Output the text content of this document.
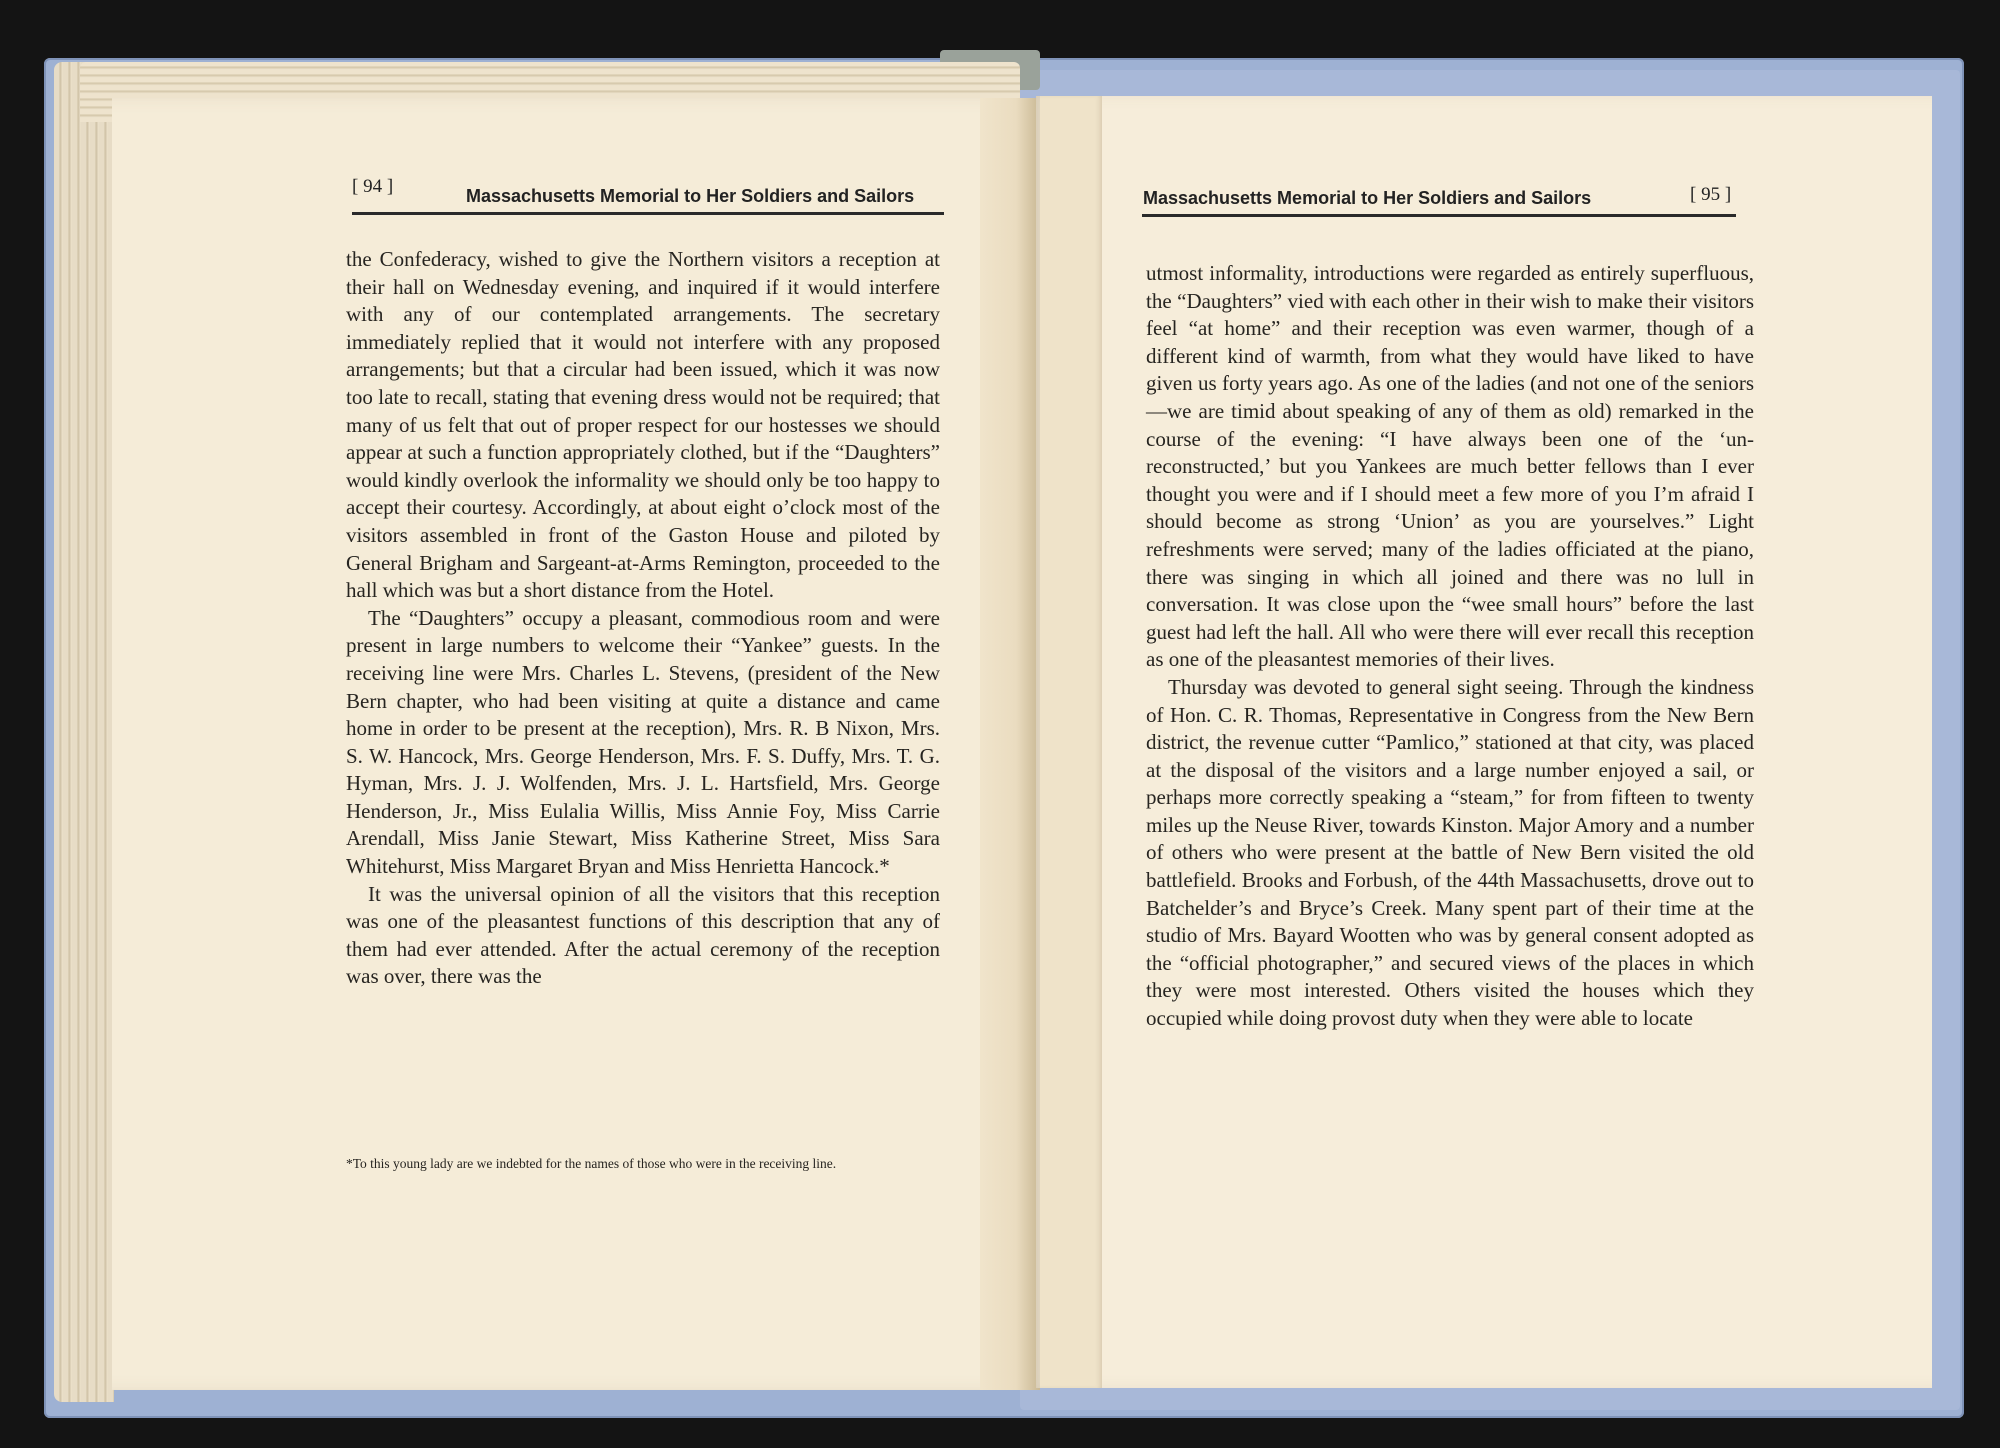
[ 94 ]	Massachusetts Memorial to Her Soldiers and Sailors

the Confederacy, wished to give the Northern visitors a reception at their hall on Wednesday evening, and inquired if it would interfere with any of our contemplated arrangements. The secretary immediately replied that it would not interfere with any proposed arrangements; but that a circular had been issued, which it was now too late to recall, stating that evening dress would not be required; that many of us felt that out of proper respect for our hostesses we should appear at such a function appropriately clothed, but if the “Daughters” would kindly overlook the informality we should only be too happy to accept their courtesy. Accordingly, at about eight o’clock most of the visitors assembled in front of the Gaston House and piloted by General Brigham and Sargeant-at-Arms Remington, proceeded to the hall which was but a short distance from the Hotel.

The “Daughters” occupy a pleasant, commodious room and were present in large numbers to welcome their “Yankee” guests. In the receiving line were Mrs. Charles L. Stevens, (president of the New Bern chapter, who had been visiting at quite a distance and came home in order to be present at the reception), Mrs. R. B Nixon, Mrs. S. W. Hancock, Mrs. George Henderson, Mrs. F. S. Duffy, Mrs. T. G. Hyman, Mrs. J. J. Wolfenden, Mrs. J. L. Hartsfield, Mrs. George Henderson, Jr., Miss Eulalia Willis, Miss Annie Foy, Miss Carrie Arendall, Miss Janie Stewart, Miss Katherine Street, Miss Sara Whitehurst, Miss Margaret Bryan and Miss Henrietta Hancock.*

It was the universal opinion of all the visitors that this reception was one of the pleasantest functions of this description that any of them had ever attended. After the actual ceremony of the reception was over, there was the

*To this young lady are we indebted for the names of those who were in the receiving line.
Massachusetts Memorial to Her Soldiers and Sailors	[ 95 ]

utmost informality, introductions were regarded as entirely superfluous, the “Daughters” vied with each other in their wish to make their visitors feel “at home” and their reception was even warmer, though of a different kind of warmth, from what they would have liked to have given us forty years ago. As one of the ladies (and not one of the seniors—we are timid about speaking of any of them as old) remarked in the course of the evening: “I have always been one of the ‘un-reconstructed,’ but you Yankees are much better fellows than I ever thought you were and if I should meet a few more of you I’m afraid I should become as strong ‘Union’ as you are yourselves.” Light refreshments were served; many of the ladies officiated at the piano, there was singing in which all joined and there was no lull in conversation. It was close upon the “wee small hours” before the last guest had left the hall. All who were there will ever recall this reception as one of the pleasantest memories of their lives.

Thursday was devoted to general sight seeing. Through the kindness of Hon. C. R. Thomas, Representative in Congress from the New Bern district, the revenue cutter “Pamlico,” stationed at that city, was placed at the disposal of the visitors and a large number enjoyed a sail, or perhaps more correctly speaking a “steam,” for from fifteen to twenty miles up the Neuse River, towards Kinston. Major Amory and a number of others who were present at the battle of New Bern visited the old battlefield. Brooks and Forbush, of the 44th Massachusetts, drove out to Batchelder’s and Bryce’s Creek. Many spent part of their time at the studio of Mrs. Bayard Wootten who was by general consent adopted as the “official photographer,” and secured views of the places in which they were most interested. Others visited the houses which they occupied while doing provost duty when they were able to locate
